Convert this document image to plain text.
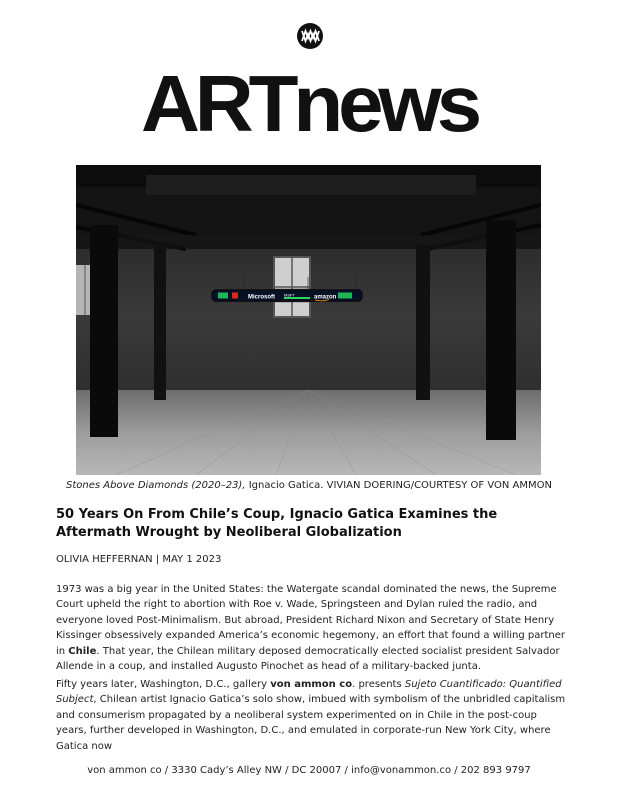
ARTnews
Microsoft MSFT	amazon
Stones Above Diamonds (2020–23), Ignacio Gatica. VIVIAN DOERING/COURTESY OF VON AMMON
50 Years On From Chile’s Coup, Ignacio Gatica Examines the Aftermath Wrought by Neoliberal Globalization
OLIVIA HEFFERNAN | MAY 1 2023
1973 was a big year in the United States: the Watergate scandal dominated the news, the Supreme Court upheld the right to abortion with Roe v. Wade, Springsteen and Dylan ruled the radio, and everyone loved Post-Minimalism. But abroad, President Richard Nixon and Secretary of State Henry Kissinger obsessively expanded America’s economic hegemony, an effort that found a willing partner in Chile. That year, the Chilean military deposed democratically elected socialist president Salvador Allende in a coup, and installed Augusto Pinochet as head of a military-backed junta.
Fifty years later, Washington, D.C., gallery von ammon co. presents Sujeto Cuantificado: Quantified Subject, Chilean artist Ignacio Gatica’s solo show, imbued with symbolism of the unbridled capitalism and consumerism propagated by a neoliberal system experimented on in Chile in the post-coup years, further developed in Washington, D.C., and emulated in corporate-run New York City, where Gatica now
von ammon co / 3330 Cady’s Alley NW / DC 20007 / info@vonammon.co / 202 893 9797
